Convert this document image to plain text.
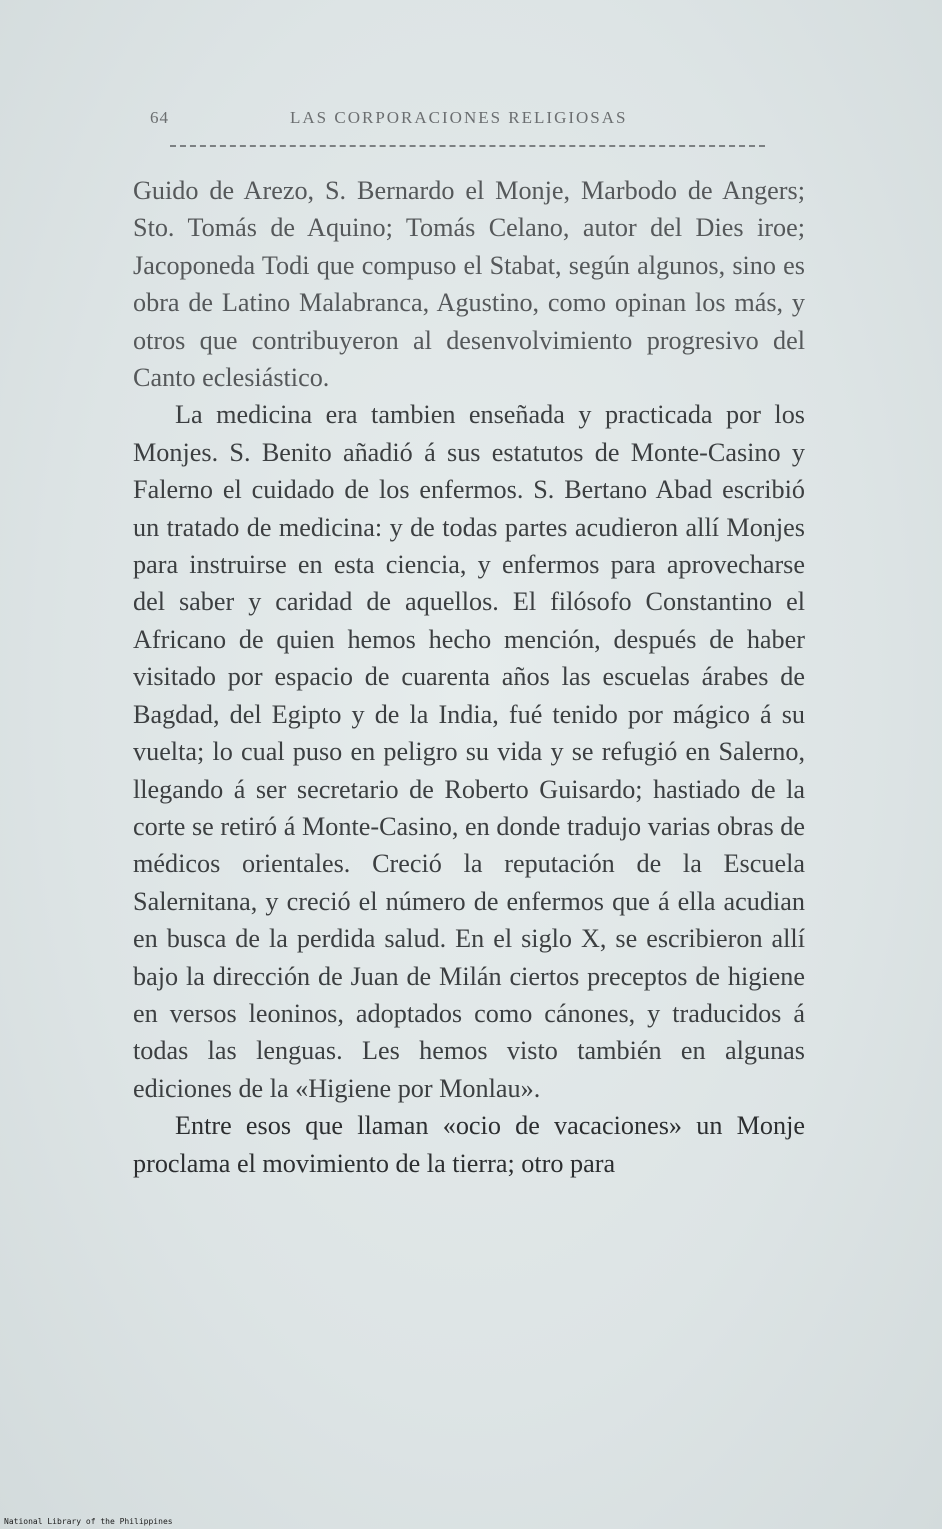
64	LAS CORPORACIONES RELIGIOSAS

Guido de Arezo, S. Bernardo el Monje, Marbodo de Angers; Sto. Tomás de Aquino; Tomás Celano, autor del Dies iroe; Jacoponeda Todi que compuso el Stabat, según algunos, sino es obra de Latino Malabranca, Agustino, como opinan los más, y otros que contribuyeron al desenvolvimiento progresivo del Canto eclesiástico.

La medicina era tambien enseñada y practicada por los Monjes. S. Benito añadió á sus estatutos de Monte-Casino y Falerno el cuidado de los enfermos. S. Bertano Abad escribió un tratado de medicina: y de todas partes acudieron allí Monjes para instruirse en esta ciencia, y enfermos para aprovecharse del saber y caridad de aquellos. El filósofo Constantino el Africano de quien hemos hecho mención, después de haber visitado por espacio de cuarenta años las escuelas árabes de Bagdad, del Egipto y de la India, fué tenido por mágico á su vuelta; lo cual puso en peligro su vida y se refugió en Salerno, llegando á ser secretario de Roberto Guisardo; hastiado de la corte se retiró á Monte-Casino, en donde tradujo varias obras de médicos orientales. Creció la reputación de la Escuela Salernitana, y creció el número de enfermos que á ella acudian en busca de la perdida salud. En el siglo X, se escribieron allí bajo la dirección de Juan de Milán ciertos preceptos de higiene en versos leoninos, adoptados como cánones, y traducidos á todas las lenguas. Les hemos visto también en algunas ediciones de la «Higiene por Monlau».

Entre esos que llaman «ocio de vacaciones» un Monje proclama el movimiento de la tierra; otro para

National Library of the Philippines
